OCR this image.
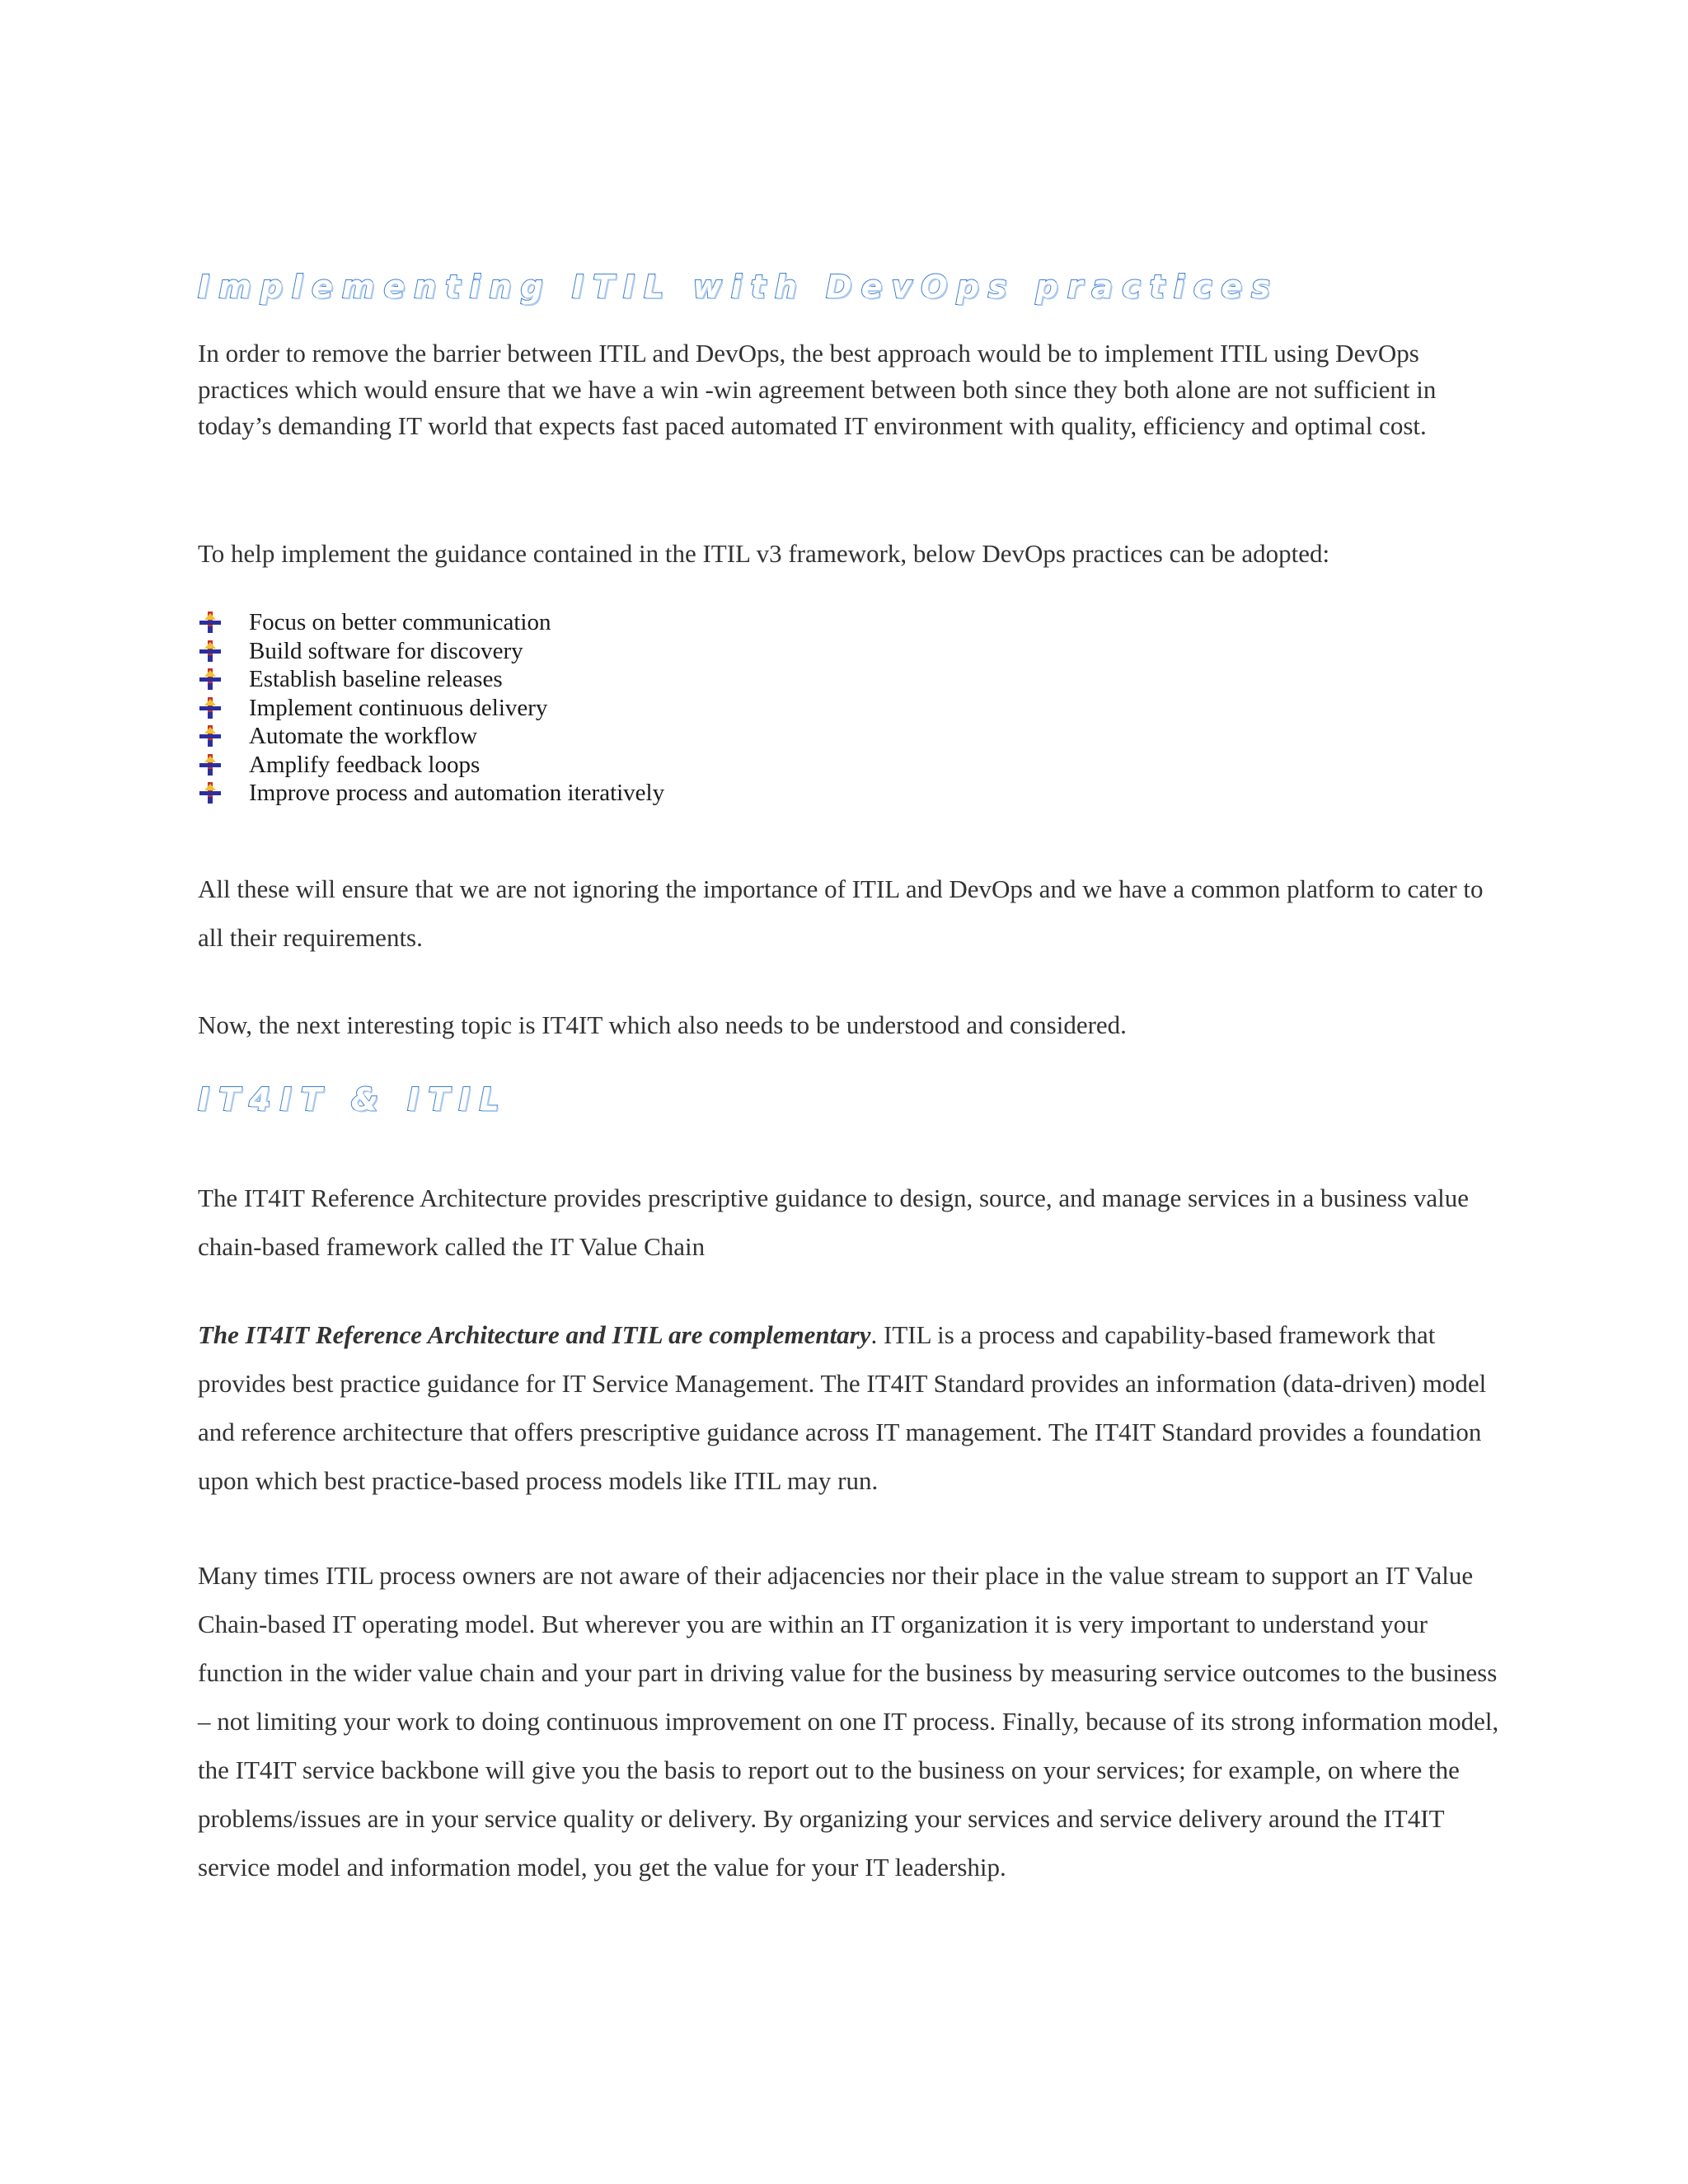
Implementing ITIL with DevOps practices

In order to remove the barrier between ITIL and DevOps, the best approach would be to implement ITIL using DevOps practices which would ensure that we have a win -win agreement between both since they both alone are not sufficient in today’s demanding IT world that expects fast paced automated IT environment with quality, efficiency and optimal cost.

To help implement the guidance contained in the ITIL v3 framework, below DevOps practices can be adopted:

Focus on better communication
Build software for discovery
Establish baseline releases
Implement continuous delivery
Automate the workflow
Amplify feedback loops
Improve process and automation iteratively

All these will ensure that we are not ignoring the importance of ITIL and DevOps and we have a common platform to cater to all their requirements.

Now, the next interesting topic is IT4IT which also needs to be understood and considered.

IT4IT & ITIL

The IT4IT Reference Architecture provides prescriptive guidance to design, source, and manage services in a business value chain-based framework called the IT Value Chain

The IT4IT Reference Architecture and ITIL are complementary. ITIL is a process and capability-based framework that provides best practice guidance for IT Service Management. The IT4IT Standard provides an information (data-driven) model and reference architecture that offers prescriptive guidance across IT management. The IT4IT Standard provides a foundation upon which best practice-based process models like ITIL may run.

Many times ITIL process owners are not aware of their adjacencies nor their place in the value stream to support an IT Value Chain-based IT operating model. But wherever you are within an IT organization it is very important to understand your function in the wider value chain and your part in driving value for the business by measuring service outcomes to the business – not limiting your work to doing continuous improvement on one IT process. Finally, because of its strong information model, the IT4IT service backbone will give you the basis to report out to the business on your services; for example, on where the problems/issues are in your service quality or delivery. By organizing your services and service delivery around the IT4IT service model and information model, you get the value for your IT leadership.
